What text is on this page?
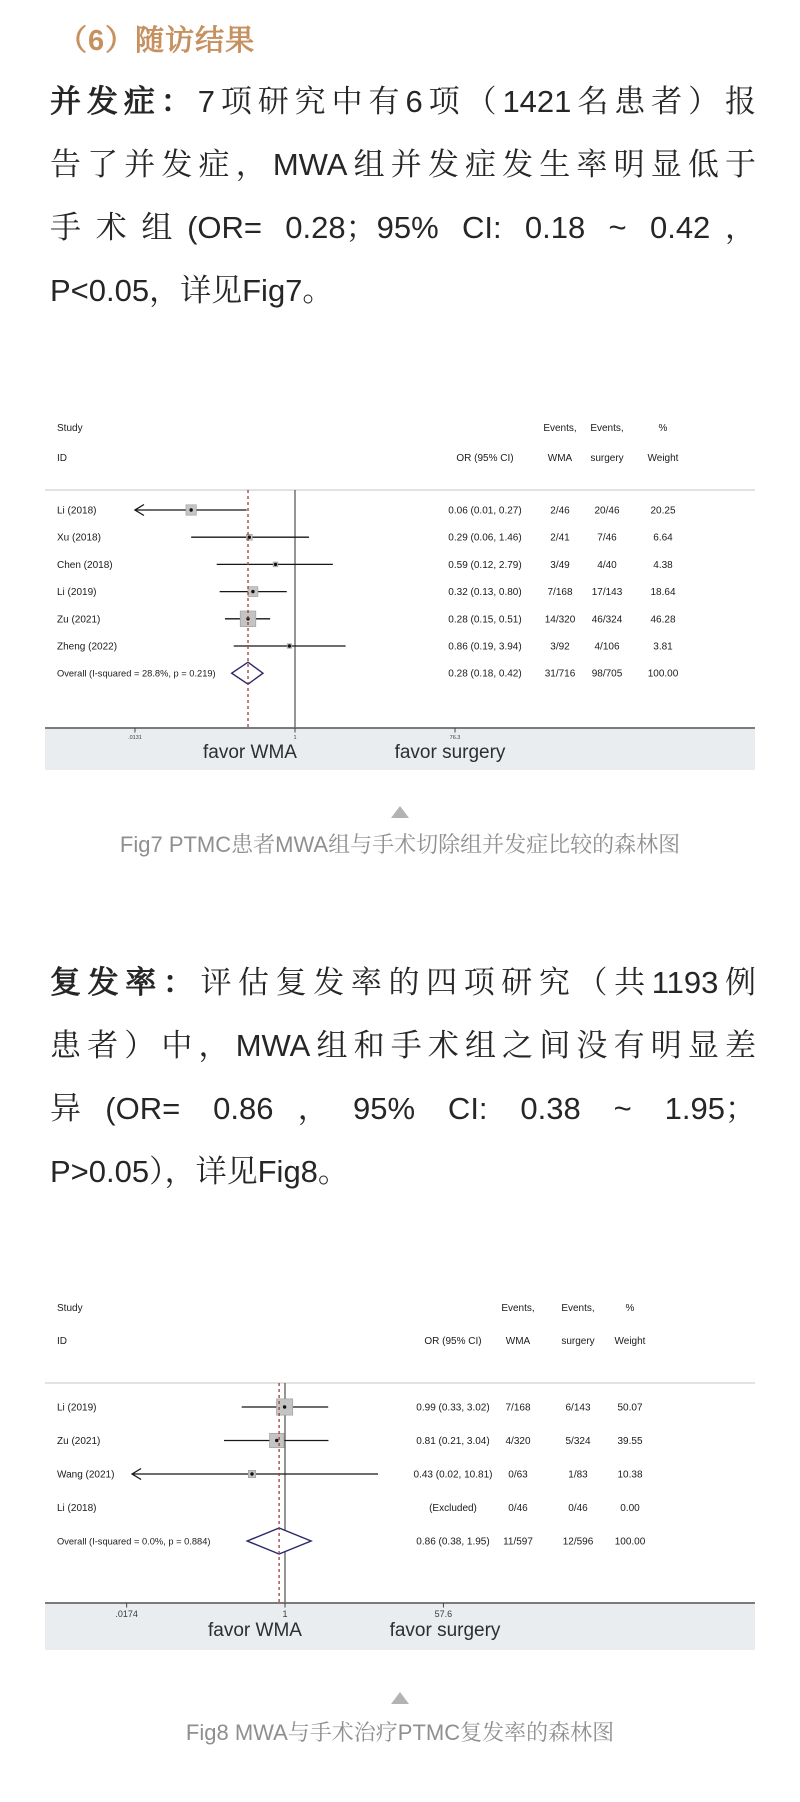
（6）随访结果
并发症：7项研究中有6项（1421名患者）报
告了并发症，MWA组并发症发生率明显低于
手术组(OR= 0.28；95% CI: 0.18 ~ 0.42，
P<0.05，详见Fig7。
Study
ID	OR (95% CI)
Events,
WMA
Events,
surgery
%
Weight
Li (2018)	0.06 (0.01, 0.27)	2/46 20/46	20.25
Xu (2018)	0.29 (0.06, 1.46)	2/41	7/46	6.64
Chen (2018)	0.59 (0.12, 2.79)	3/49	4/40	4.38
Li (2019)	0.32 (0.13, 0.80)	7/168 17/143	18.64
Zu (2021)	0.28 (0.15, 0.51) 14/320 46/324	46.28
Zheng (2022)	0.86 (0.19, 3.94)	3/92 4/106	3.81
Overall (I-squared = 28.8%, p = 0.219)	0.28 (0.18, 0.42) 31/716 98/705	100.00
.0131	1	76.3
favor WMA	favor surgery
Fig7 PTMC患者MWA组与手术切除组并发症比较的森林图
复发率：评估复发率的四项研究（共1193例
患者）中，MWA组和手术组之间没有明显差
异(OR= 0.86，95% CI: 0.38 ~ 1.95；
P>0.05），详见Fig8。
Study
ID	OR (95% CI)
Events,
WMA
Events,
surgery
%
Weight
Li (2019)	0.99 (0.33, 3.02) 7/168	6/143	50.07
Zu (2021)	0.81 (0.21, 3.04) 4/320	5/324	39.55
Wang (2021)	0.43 (0.02, 10.81) 0/63	1/83	10.38
Li (2018)	(Excluded)	0/46	0/46	0.00
Overall (I-squared = 0.0%, p = 0.884)	0.86 (0.38, 1.95) 11/597	12/596 100.00
.0174	1	57.6
favor WMA	favor surgery
Fig8 MWA与手术治疗PTMC复发率的森林图
